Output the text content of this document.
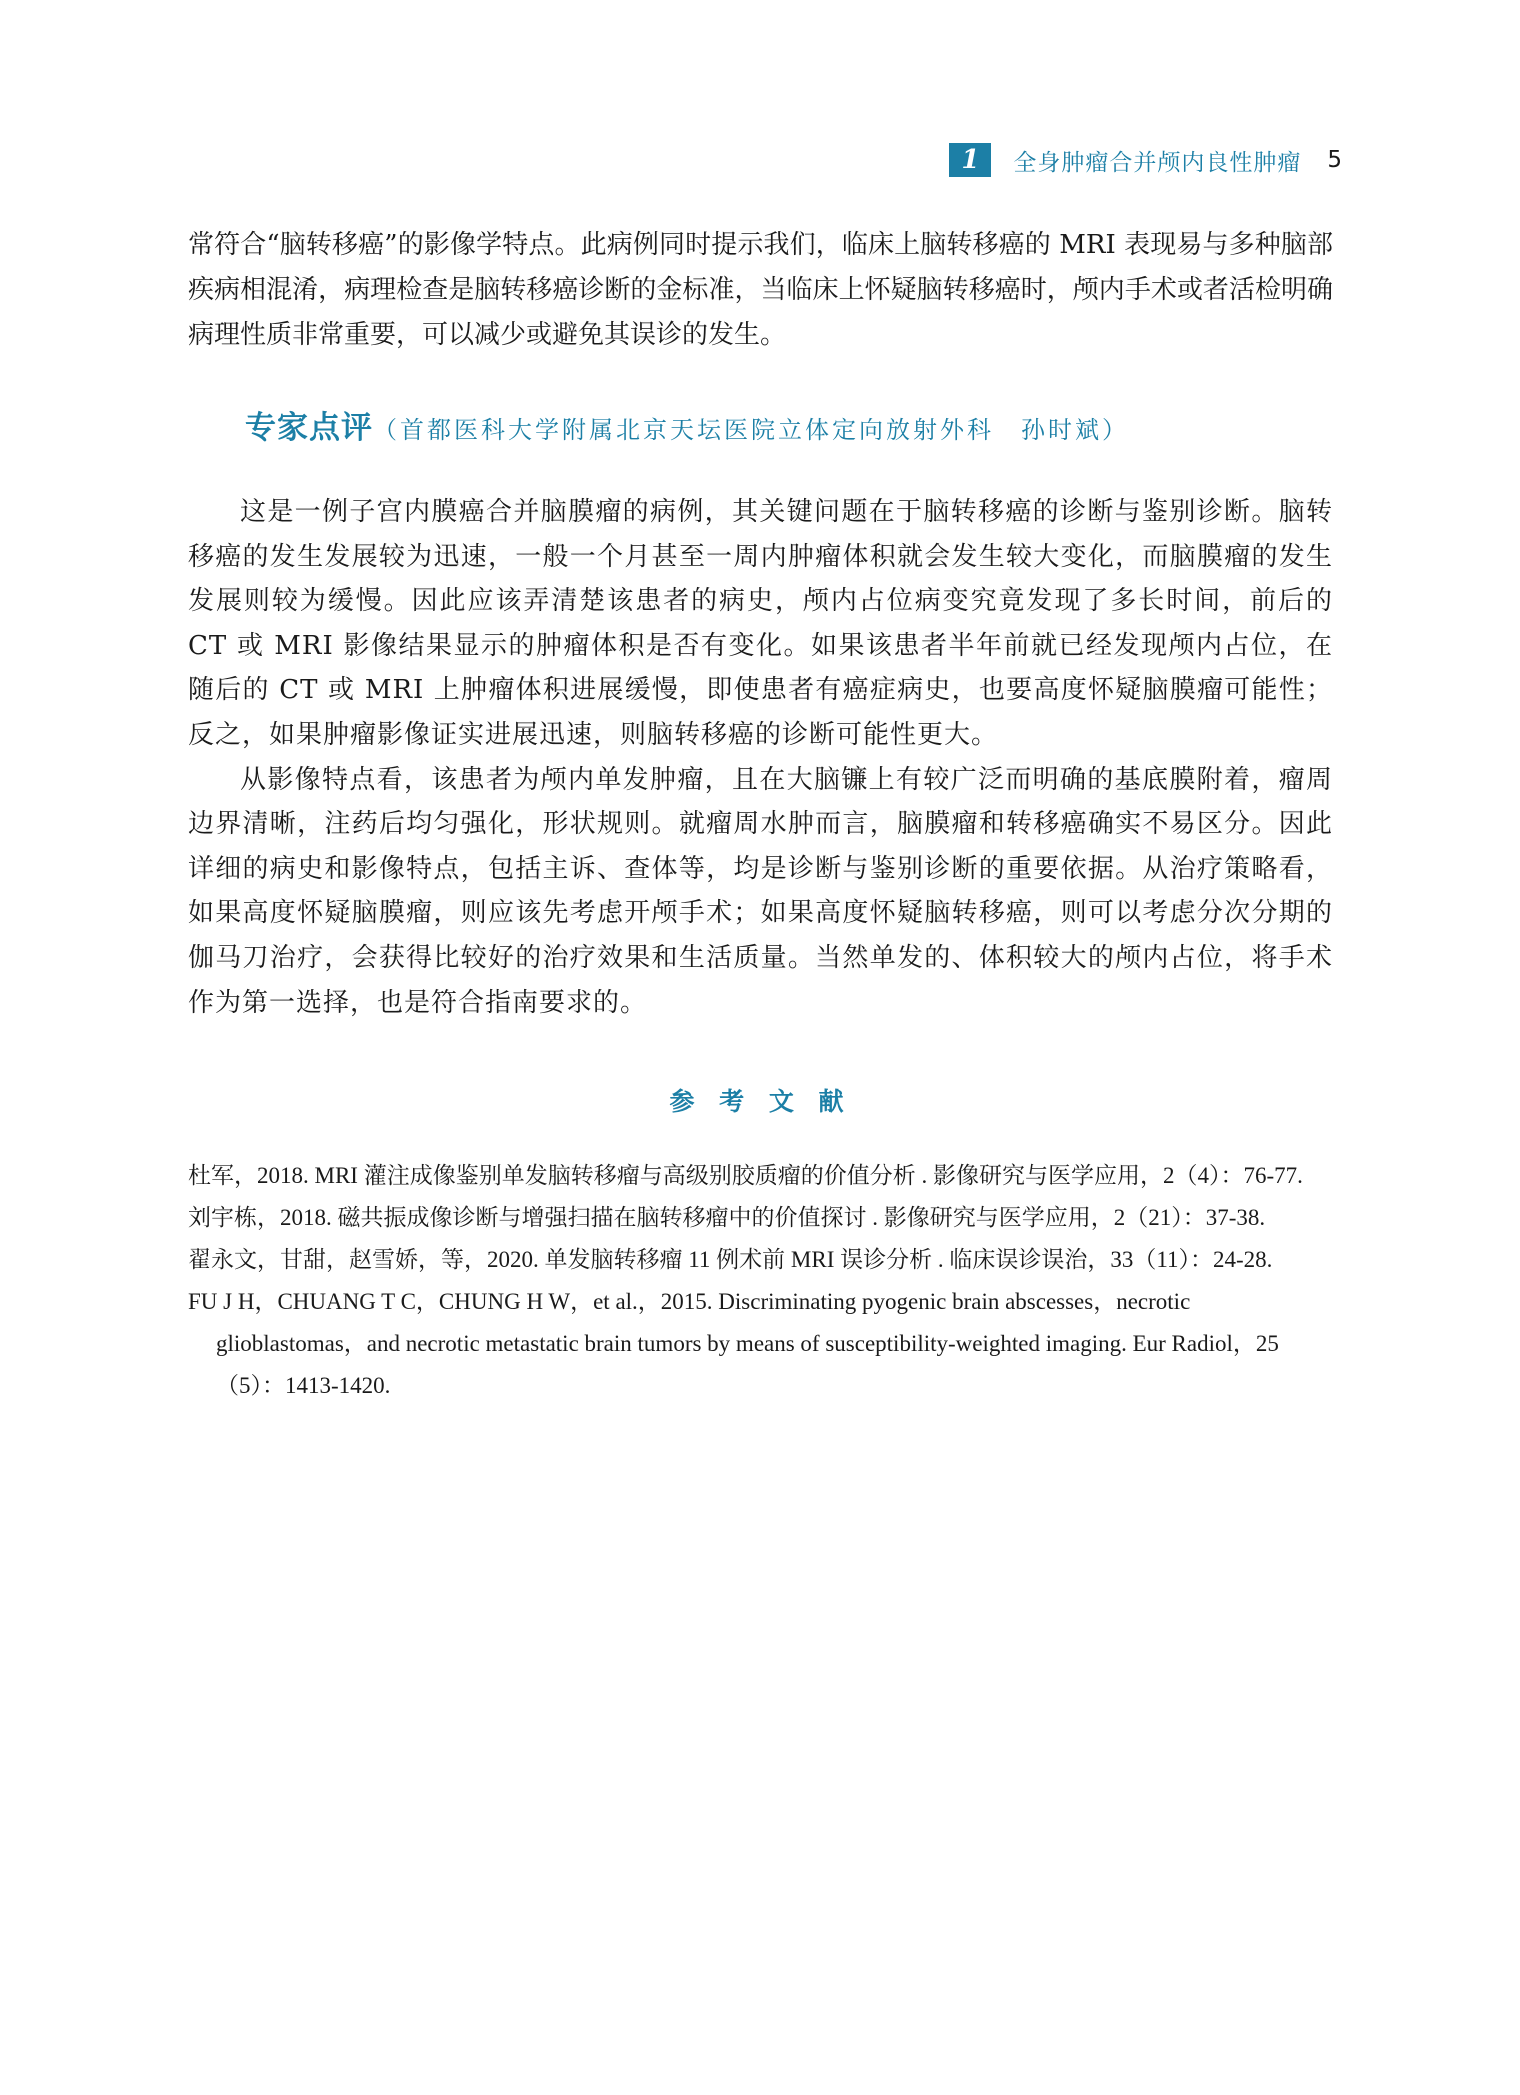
1	全身肿瘤合并颅内良性肿瘤 5

常符合“脑转移癌”的影像学特点。此病例同时提示我们，临床上脑转移癌的 MRI 表现易与多种脑部疾病相混淆，病理检查是脑转移癌诊断的金标准，当临床上怀疑脑转移癌时，颅内手术或者活检明确病理性质非常重要，可以减少或避免其误诊的发生。

专家点评（首都医科大学附属北京天坛医院立体定向放射外科　孙时斌）

这是一例子宫内膜癌合并脑膜瘤的病例，其关键问题在于脑转移癌的诊断与鉴别诊断。脑转移癌的发生发展较为迅速，一般一个月甚至一周内肿瘤体积就会发生较大变化，而脑膜瘤的发生发展则较为缓慢。因此应该弄清楚该患者的病史，颅内占位病变究竟发现了多长时间，前后的 CT 或 MRI 影像结果显示的肿瘤体积是否有变化。如果该患者半年前就已经发现颅内占位，在随后的 CT 或 MRI 上肿瘤体积进展缓慢，即使患者有癌症病史，也要高度怀疑脑膜瘤可能性；反之，如果肿瘤影像证实进展迅速，则脑转移癌的诊断可能性更大。

从影像特点看，该患者为颅内单发肿瘤，且在大脑镰上有较广泛而明确的基底膜附着，瘤周边界清晰，注药后均匀强化，形状规则。就瘤周水肿而言，脑膜瘤和转移癌确实不易区分。因此详细的病史和影像特点，包括主诉、查体等，均是诊断与鉴别诊断的重要依据。从治疗策略看，如果高度怀疑脑膜瘤，则应该先考虑开颅手术；如果高度怀疑脑转移癌，则可以考虑分次分期的伽马刀治疗，会获得比较好的治疗效果和生活质量。当然单发的、体积较大的颅内占位，将手术作为第一选择，也是符合指南要求的。

参 考 文 献
杜军，2018. MRI 灌注成像鉴别单发脑转移瘤与高级别胶质瘤的价值分析 . 影像研究与医学应用，2（4）：76-77.
刘宇栋，2018. 磁共振成像诊断与增强扫描在脑转移瘤中的价值探讨 . 影像研究与医学应用，2（21）：37-38.
翟永文，甘甜，赵雪娇，等，2020. 单发脑转移瘤 11 例术前 MRI 误诊分析 . 临床误诊误治，33（11）：24-28.
FU J H，CHUANG T C，CHUNG H W，et al.，2015. Discriminating pyogenic brain abscesses，necrotic glioblastomas，and necrotic metastatic brain tumors by means of susceptibility-weighted imaging. Eur Radiol，25（5）：1413-1420.
